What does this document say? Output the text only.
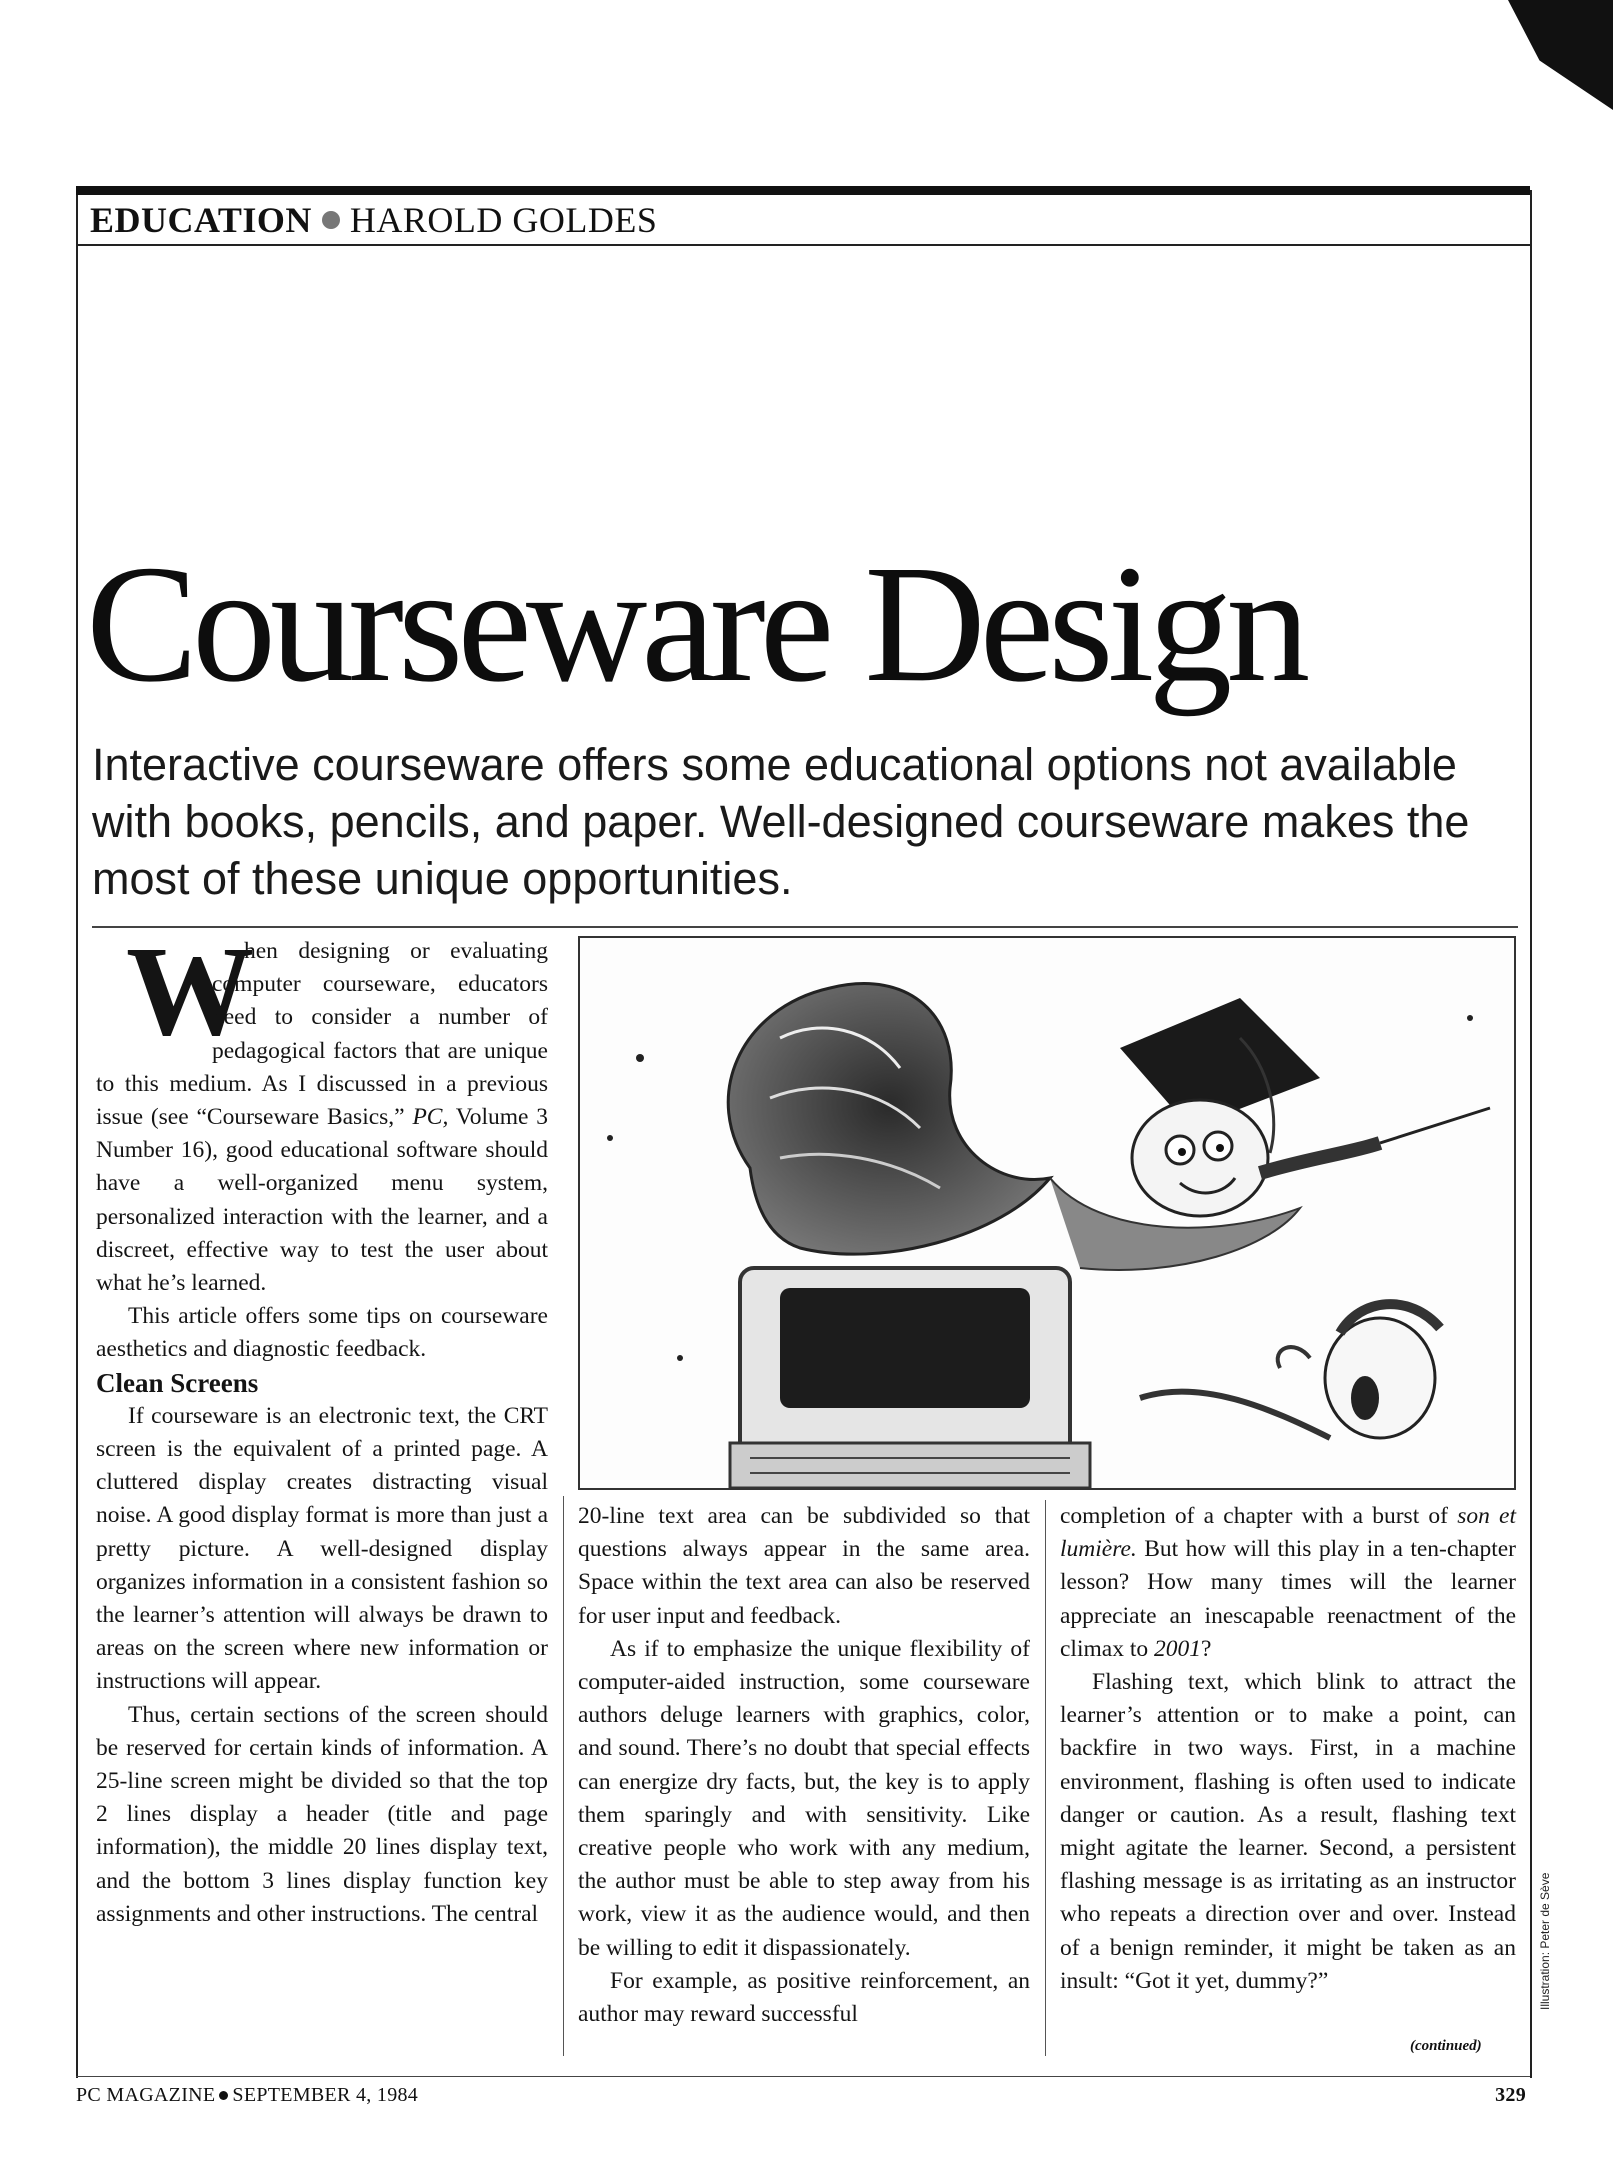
EDUCATION HAROLD GOLDES
Courseware Design

Interactive courseware offers some educational options not available with books, pencils, and paper. Well-designed courseware makes the most of these unique opportunities.

W
hen designing or evaluating computer courseware, educators need to consider a number of pedagogical factors that are unique to this medium. As I discussed in a previous issue (see “Courseware Basics,” PC, Volume 3 Number 16), good educational software should have a well-organized menu system, personalized interaction with the learner, and a discreet, effective way to test the user about what he’s learned.

This article offers some tips on courseware aesthetics and diagnostic feedback.

Clean Screens

If courseware is an electronic text, the CRT screen is the equivalent of a printed page. A cluttered display creates distracting visual noise. A good display format is more than just a pretty picture. A well-designed display organizes information in a consistent fashion so the learner’s attention will always be drawn to areas on the screen where new information or instructions will appear.

Thus, certain sections of the screen should be reserved for certain kinds of information. A 25-line screen might be divided so that the top 2 lines display a header (title and page information), the middle 20 lines display text, and the bottom 3 lines display function key assignments and other instructions. The central

20-line text area can be subdivided so that questions always appear in the same area. Space within the text area can also be reserved for user input and feedback.

As if to emphasize the unique flexibility of computer-aided instruction, some courseware authors deluge learners with graphics, color, and sound. There’s no doubt that special effects can energize dry facts, but, the key is to apply them sparingly and with sensitivity. Like creative people who work with any medium, the author must be able to step away from his work, view it as the audience would, and then be willing to edit it dispassionately.

For example, as positive reinforcement, an author may reward successful

completion of a chapter with a burst of son et lumière. But how will this play in a ten-chapter lesson? How many times will the learner appreciate an inescapable reenactment of the climax to 2001?

Flashing text, which blink to attract the learner’s attention or to make a point, can backfire in two ways. First, in a machine environment, flashing is often used to indicate danger or caution. As a result, flashing text might agitate the learner. Second, a persistent flashing message is as irritating as an instructor who repeats a direction over and over. Instead of a benign reminder, it might be taken as an insult: “Got it yet, dummy?”

(continued)
Illustration: Peter de Sève
PC MAGAZINE SEPTEMBER 4, 1984	329
